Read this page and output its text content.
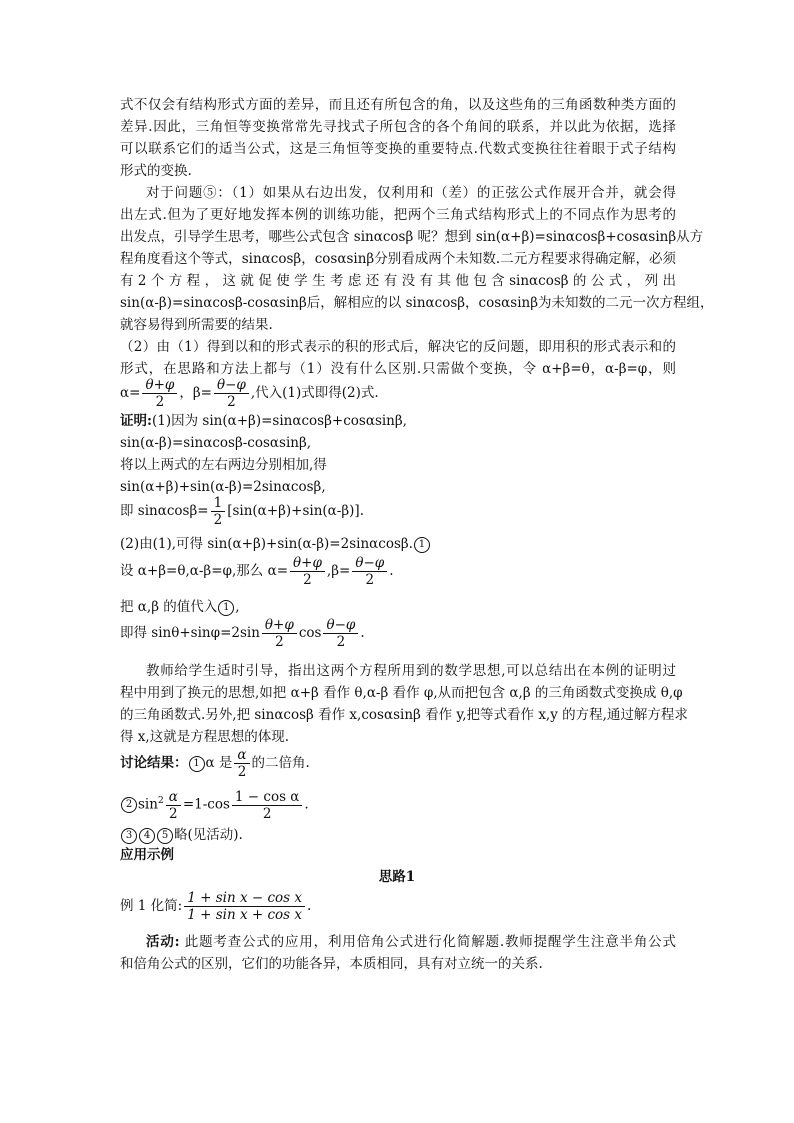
式不仅会有结构形式方面的差异，而且还有所包含的角，以及这些角的三角函数种类方面的
差异.因此，三角恒等变换常常先寻找式子所包含的各个角间的联系，并以此为依据，选择
可以联系它们的适当公式，这是三角恒等变换的重要特点.代数式变换往往着眼于式子结构
形式的变换.
对于问题⑤：（1）如果从右边出发，仅利用和（差）的正弦公式作展开合并，就会得
出左式.但为了更好地发挥本例的训练功能，把两个三角式结构形式上的不同点作为思考的
出发点，引导学生思考，哪些公式包含 sinαcosβ 呢？想到 sin(α+β)=sinαcosβ+cosαsinβ从方
程角度看这个等式，sinαcosβ，cosαsinβ分别看成两个未知数.二元方程要求得确定解，必须
有 2 个 方 程 ， 这 就 促 使 学 生 考 虑 还 有 没 有 其 他 包 含 sinαcosβ 的 公 式 ， 列 出
sin(α-β)=sinαcosβ-cosαsinβ后，解相应的以 sinαcosβ，cosαsinβ为未知数的二元一次方程组，
就容易得到所需要的结果.
（2）由（1）得到以和的形式表示的积的形式后，解决它的反问题，即用积的形式表示和的
形式，在思路和方法上都与（1）没有什么区别.只需做个变换，令 α+β=θ，α-β=φ，则
$\alpha= \frac{\theta+\varphi}{2}$ ，$\beta= \frac{\theta-\varphi}{2}$ ,代入(1)式即得(2)式.
证明:(1)因为 sin(α+β)=sinαcosβ+cosαsinβ,
sin(α-β)=sinαcosβ-cosαsinβ,
将以上两式的左右两边分别相加,得
sin(α+β)+sin(α-β)=2sinαcosβ,
即 $\sin\alpha\cos\beta= \frac{1}{2} [\sin(\alpha+\beta)+\sin(\alpha-\beta)]$.
(2)由(1),可得 sin(α+β)+sin(α-β)=2sinαcosβ. 1
设 α+β=θ,α-β=φ,那么 $\alpha= \frac{\theta+\varphi}{2} ,\beta= \frac{\theta-\varphi}{2}$ .
把 α,β 的值代入 1 ,
即得 $\sin\theta+\sin\varphi=2\sin \frac{\theta+\varphi}{2}$ $\cos \frac{\theta-\varphi}{2}$ .
教师给学生适时引导，指出这两个方程所用到的数学思想,可以总结出在本例的证明过
程中用到了换元的思想,如把 α+β 看作 θ,α-β 看作 φ,从而把包含 α,β 的三角函数式变换成 θ,φ
的三角函数式.另外,把 sinαcosβ 看作 x,cosαsinβ 看作 y,把等式看作 x,y 的方程,通过解方程求
得 x,这就是方程思想的体现.
讨论结果： 1 α 是 $\frac{\alpha}{2}$ 的二倍角.
2 $\sin^2 \frac{\alpha}{2} =1-\cos \frac{\text{1 − cos α}}{2}$ .
3 4 5 略(见活动).
应用示例
思路1
例 1 化简: $\frac{\text{1 + sin x − cos x}}{\text{1 + sin x + cos x}}$ .
活动: 此题考查公式的应用，利用倍角公式进行化简解题.教师提醒学生注意半角公式
和倍角公式的区别，它们的功能各异，本质相同，具有对立统一的关系.
